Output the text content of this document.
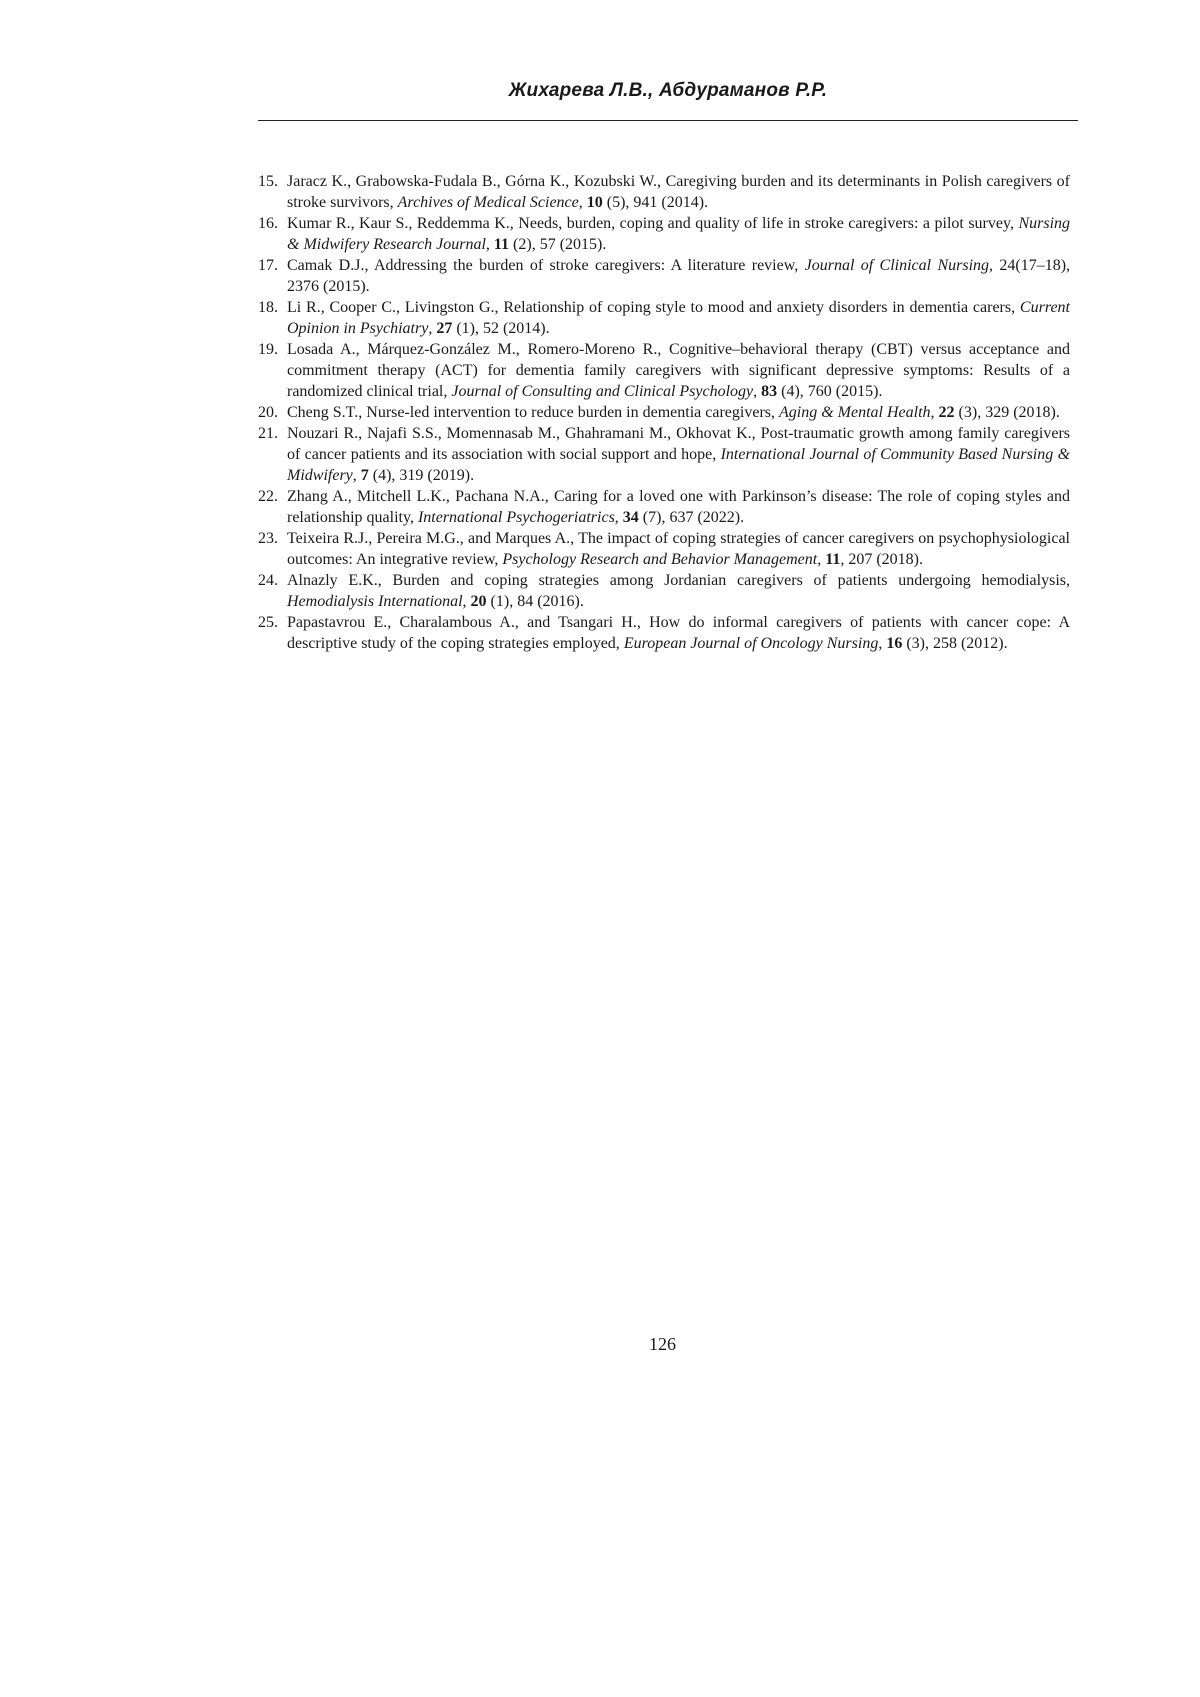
Жихарева Л.В., Абдураманов Р.Р.
15. Jaracz K., Grabowska-Fudala B., Górna K., Kozubski W., Caregiving burden and its determinants in Polish caregivers of stroke survivors, Archives of Medical Science, 10 (5), 941 (2014).
16. Kumar R., Kaur S., Reddemma K., Needs, burden, coping and quality of life in stroke caregivers: a pilot survey, Nursing & Midwifery Research Journal, 11 (2), 57 (2015).
17. Camak D.J., Addressing the burden of stroke caregivers: A literature review, Journal of Clinical Nursing, 24(17–18), 2376 (2015).
18. Li R., Cooper C., Livingston G., Relationship of coping style to mood and anxiety disorders in dementia carers, Current Opinion in Psychiatry, 27 (1), 52 (2014).
19. Losada A., Márquez-González M., Romero-Moreno R., Cognitive–behavioral therapy (CBT) versus acceptance and commitment therapy (ACT) for dementia family caregivers with significant depressive symptoms: Results of a randomized clinical trial, Journal of Consulting and Clinical Psychology, 83 (4), 760 (2015).
20. Cheng S.T., Nurse-led intervention to reduce burden in dementia caregivers, Aging & Mental Health, 22 (3), 329 (2018).
21. Nouzari R., Najafi S.S., Momennasab M., Ghahramani M., Okhovat K., Post-traumatic growth among family caregivers of cancer patients and its association with social support and hope, International Journal of Community Based Nursing & Midwifery, 7 (4), 319 (2019).
22. Zhang A., Mitchell L.K., Pachana N.A., Caring for a loved one with Parkinson’s disease: The role of coping styles and relationship quality, International Psychogeriatrics, 34 (7), 637 (2022).
23. Teixeira R.J., Pereira M.G., and Marques A., The impact of coping strategies of cancer caregivers on psychophysiological outcomes: An integrative review, Psychology Research and Behavior Management, 11, 207 (2018).
24. Alnazly E.K., Burden and coping strategies among Jordanian caregivers of patients undergoing hemodialysis, Hemodialysis International, 20 (1), 84 (2016).
25. Papastavrou E., Charalambous A., and Tsangari H., How do informal caregivers of patients with cancer cope: A descriptive study of the coping strategies employed, European Journal of Oncology Nursing, 16 (3), 258 (2012).
126
